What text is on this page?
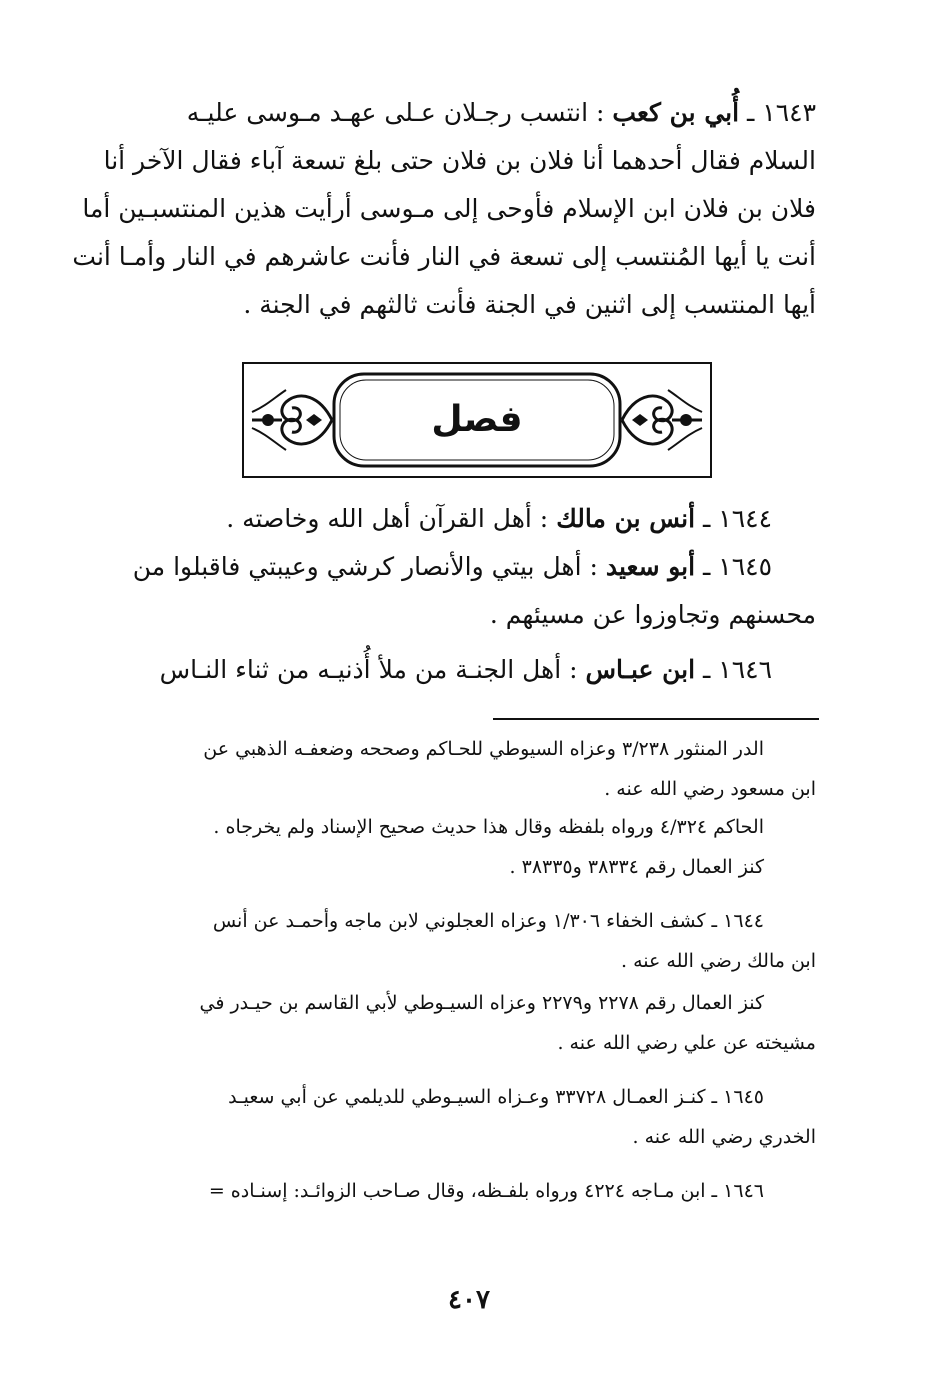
١٦٤٣ ـ أُبي بن كعب : انتسب رجـلان عـلى عهـد مـوسى عليـه
السلام فقال أحدهما أنا فلان بن فلان حتى بلغ تسعة آباء فقال الآخر أنا
فلان بن فلان ابن الإسلام فأوحى إلى مـوسى أرأيت هذين المنتسبـين أما
أنت يا أيها المُنتسب إلى تسعة في النار فأنت عاشرهم في النار وأمـا أنت
أيها المنتسب إلى اثنين في الجنة فأنت ثالثهم في الجنة .
فصل
١٦٤٤ ـ أنس بن مالك : أهل القرآن أهل الله وخاصته .
١٦٤٥ ـ أبو سعيد : أهل بيتي والأنصار كرشي وعيبتي فاقبلوا من
محسنهم وتجاوزوا عن مسيئهم .
١٦٤٦ ـ ابن عبـاس : أهل الجنـة من ملأ أُذنيـه من ثناء النـاس
الدر المنثور ٣/٢٣٨ وعزاه السيوطي للحـاكم وصححه وضعفـه الذهبي عن
ابن مسعود رضي الله عنه .
الحاكم ٤/٣٢٤ ورواه بلفظه وقال هذا حديث صحيح الإسناد ولم يخرجاه .
كنز العمال رقم ٣٨٣٣٤ و٣٨٣٣٥ .
١٦٤٤ ـ كشف الخفاء ١/٣٠٦ وعزاه العجلوني لابن ماجه وأحمـد عن أنس
ابن مالك رضي الله عنه .
كنز العمال رقم ٢٢٧٨ و٢٢٧٩ وعزاه السيـوطي لأبي القاسم بن حيـدر في
مشيخته عن علي رضي الله عنه .
١٦٤٥ ـ كنـز العمـال ٣٣٧٢٨ وعـزاه السيـوطي للديلمي عن أبي سعيـد
الخدري رضي الله عنه .
١٦٤٦ ـ ابن مـاجه ٤٢٢٤ ورواه بلفـظه، وقال صـاحب الزوائـد: إسنـاده =
٤٠٧
